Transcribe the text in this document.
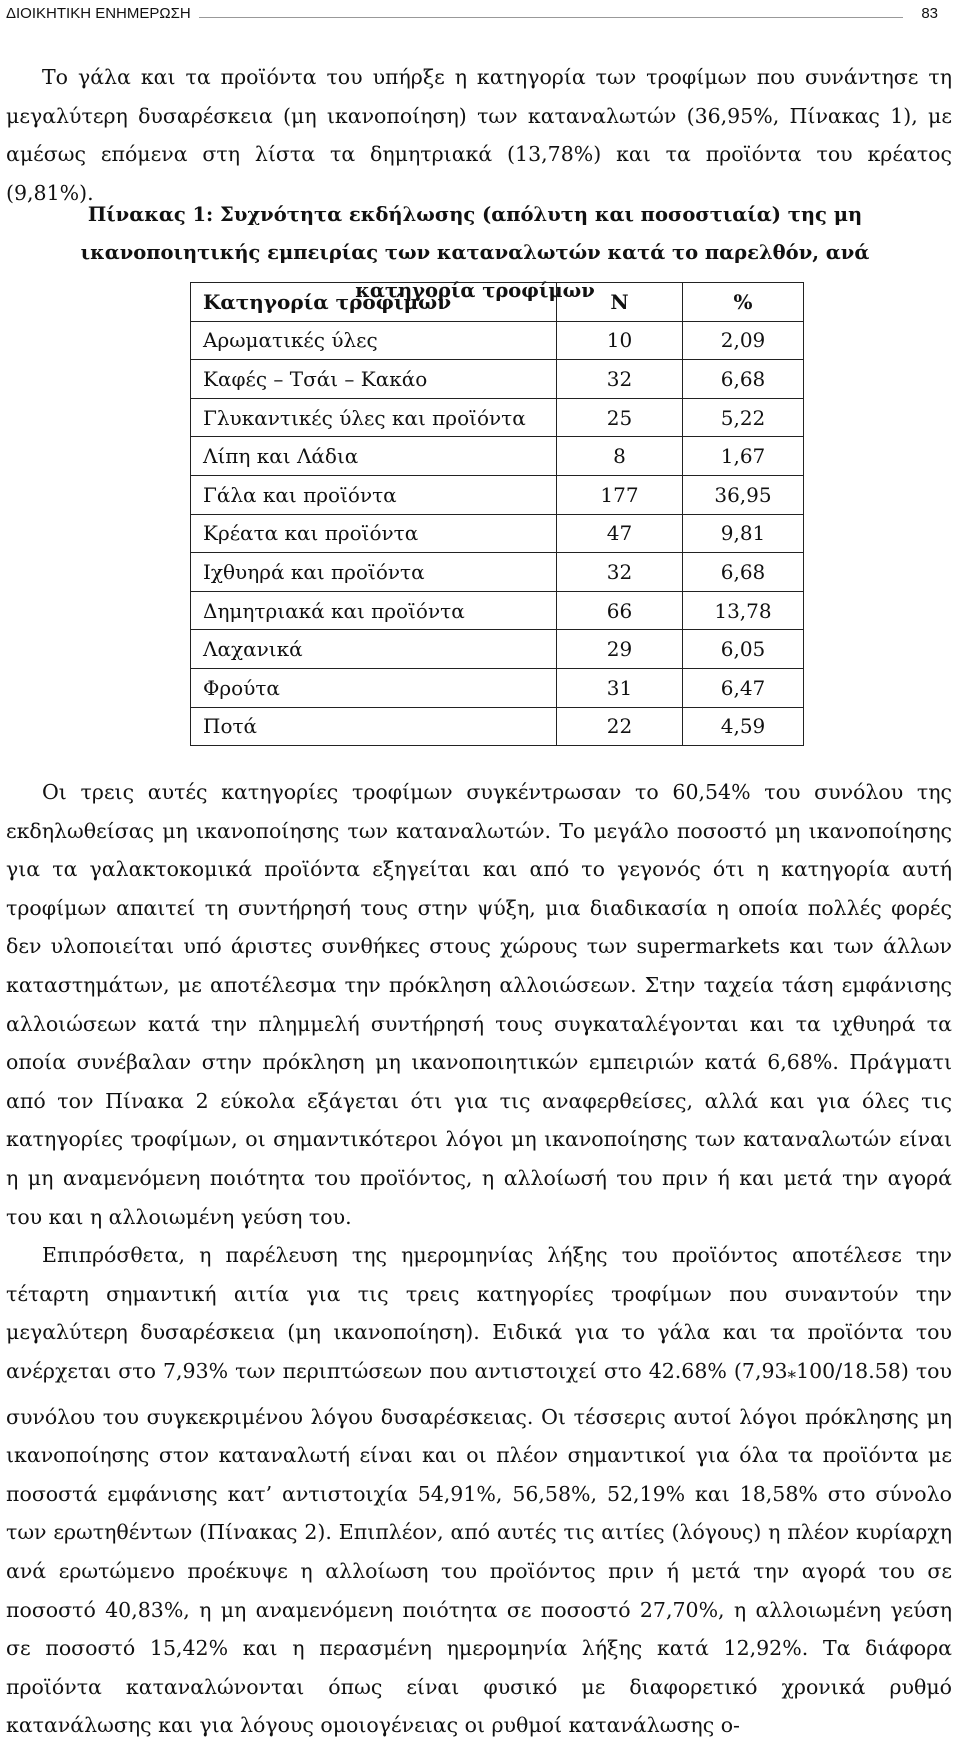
ΔΙΟΙΚΗΤΙΚΗ ΕΝΗΜΕΡΩΣΗ	83

Το γάλα και τα προϊόντα του υπήρξε η κατηγορία των τροφίμων που συνάντησε τη μεγαλύτερη δυσαρέσκεια (μη ικανοποίηση) των καταναλωτών (36,95%, Πίνακας 1), με αμέσως επόμενα στη λίστα τα δημητριακά (13,78%) και τα προϊόντα του κρέατος (9,81%).

Πίνακας 1: Συχνότητα εκδήλωσης (απόλυτη και ποσοστιαία) της μη ικανοποιητικής εμπειρίας των καταναλωτών κατά το παρελθόν, ανά κατηγορία τροφίμων
Κατηγορία τροφίμων	Ν	%
Αρωματικές ύλες	10	2,09
Καφές – Τσάι – Κακάο	32	6,68
Γλυκαντικές ύλες και προϊόντα	25	5,22
Λίπη και Λάδια	8	1,67
Γάλα και προϊόντα	177	36,95
Κρέατα και προϊόντα	47	9,81
Ιχθυηρά και προϊόντα	32	6,68
Δημητριακά και προϊόντα	66	13,78
Λαχανικά	29	6,05
Φρούτα	31	6,47
Ποτά	22	4,59

Οι τρεις αυτές κατηγορίες τροφίμων συγκέντρωσαν το 60,54% του συνόλου της εκδηλωθείσας μη ικανοποίησης των καταναλωτών. Το μεγάλο ποσοστό μη ικανοποίησης για τα γαλακτοκομικά προϊόντα εξηγείται και από το γεγονός ότι η κατηγορία αυτή τροφίμων απαιτεί τη συντήρησή τους στην ψύξη, μια διαδικασία η οποία πολλές φορές δεν υλοποιείται υπό άριστες συνθήκες στους χώρους των supermarkets και των άλλων καταστημάτων, με αποτέλεσμα την πρόκληση αλλοιώσεων. Στην ταχεία τάση εμφάνισης αλλοιώσεων κατά την πλημμελή συντήρησή τους συγκαταλέγονται και τα ιχθυηρά τα οποία συνέβαλαν στην πρόκληση μη ικανοποιητικών εμπειριών κατά 6,68%. Πράγματι από τον Πίνακα 2 εύκολα εξάγεται ότι για τις αναφερθείσες, αλλά και για όλες τις κατηγορίες τροφίμων, οι σημαντικότεροι λόγοι μη ικανοποίησης των καταναλωτών είναι η μη αναμενόμενη ποιότητα του προϊόντος, η αλλοίωσή του πριν ή και μετά την αγορά του και η αλλοιωμένη γεύση του.

Επιπρόσθετα, η παρέλευση της ημερομηνίας λήξης του προϊόντος αποτέλεσε την τέταρτη σημαντική αιτία για τις τρεις κατηγορίες τροφίμων που συναντούν την μεγαλύτερη δυσαρέσκεια (μη ικανοποίηση). Ειδικά για το γάλα και τα προϊόντα του ανέρχεται στο 7,93% των περιπτώσεων που αντιστοιχεί στο 42.68% $(7,93_*100/18.58)$ του συνόλου του συγκεκριμένου λόγου δυσαρέσκειας. Οι τέσσερις αυτοί λόγοι πρόκλησης μη ικανοποίησης στον καταναλωτή είναι και οι πλέον σημαντικοί για όλα τα προϊόντα με ποσοστά εμφάνισης κατ’ αντιστοιχία 54,91%, 56,58%, 52,19% και 18,58% στο σύνολο των ερωτηθέντων (Πίνακας 2). Επιπλέον, από αυτές τις αιτίες (λόγους) η πλέον κυρίαρχη ανά ερωτώμενο προέκυψε η αλλοίωση του προϊόντος πριν ή μετά την αγορά του σε ποσοστό 40,83%, η μη αναμενόμενη ποιότητα σε ποσοστό 27,70%, η αλλοιωμένη γεύση σε ποσοστό 15,42% και η περασμένη ημερομηνία λήξης κατά 12,92%. Τα διάφορα προϊόντα καταναλώνονται όπως είναι φυσικό με διαφορετικό χρονικά ρυθμό κατανάλωσης και για λόγους ομοιογένειας οι ρυθμοί κατανάλωσης ο-
